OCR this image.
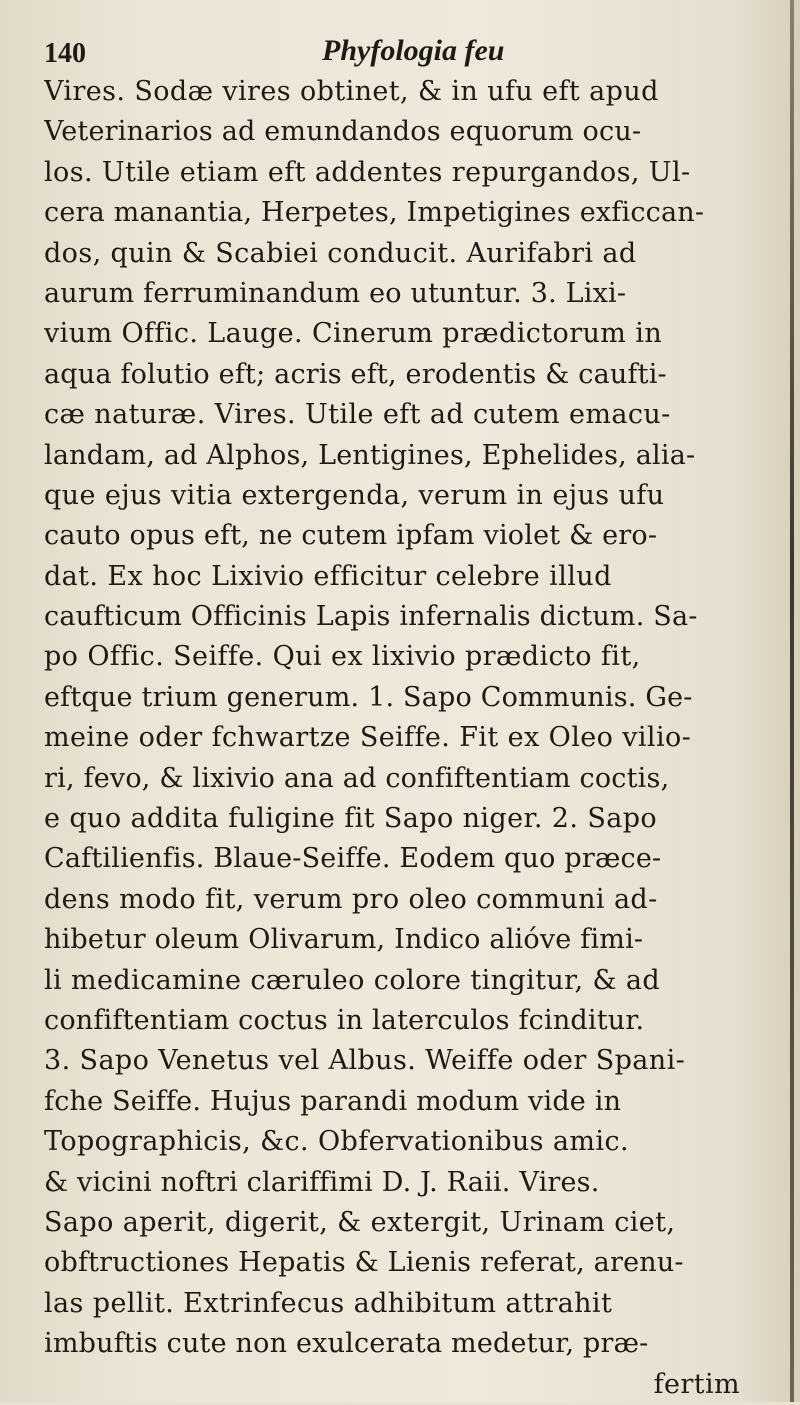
140	Phyfologia feu
Vires. Sodæ vires obtinet, & in ufu eft apud
Veterinarios ad emundandos equorum ocu-
los. Utile etiam eft addentes repurgandos, Ul-
cera manantia, Herpetes, Impetigines exficcan-
dos, quin & Scabiei conducit. Aurifabri ad
aurum ferruminandum eo utuntur. 3. Lixi-
vium Offic. Lauge. Cinerum prædictorum in
aqua folutio eft; acris eft, erodentis & caufti-
cæ naturæ. Vires. Utile eft ad cutem emacu-
landam, ad Alphos, Lentigines, Ephelides, alia-
que ejus vitia extergenda, verum in ejus ufu
cauto opus eft, ne cutem ipfam violet & ero-
dat. Ex hoc Lixivio efficitur celebre illud
caufticum Officinis Lapis infernalis dictum. Sa-
po Offic. Seiffe. Qui ex lixivio prædicto fit,
eftque trium generum. 1. Sapo Communis. Ge-
meine oder fchwartze Seiffe. Fit ex Oleo vilio-
ri, fevo, & lixivio ana ad confiftentiam coctis,
e quo addita fuligine fit Sapo niger. 2. Sapo
Caftilienfis. Blaue-Seiffe. Eodem quo præce-
dens modo fit, verum pro oleo communi ad-
hibetur oleum Olivarum, Indico alióve fimi-
li medicamine cæruleo colore tingitur, & ad
confiftentiam coctus in laterculos fcinditur.
3. Sapo Venetus vel Albus. Weiffe oder Spani-
fche Seiffe. Hujus parandi modum vide in
Topographicis, &c. Obfervationibus amic.
& vicini noftri clariffimi D. J. Raii. Vires.
Sapo aperit, digerit, & extergit, Urinam ciet,
obftructiones Hepatis & Lienis referat, arenu-
las pellit. Extrinfecus adhibitum attrahit
imbuftis cute non exulcerata medetur, præ-
fertim
